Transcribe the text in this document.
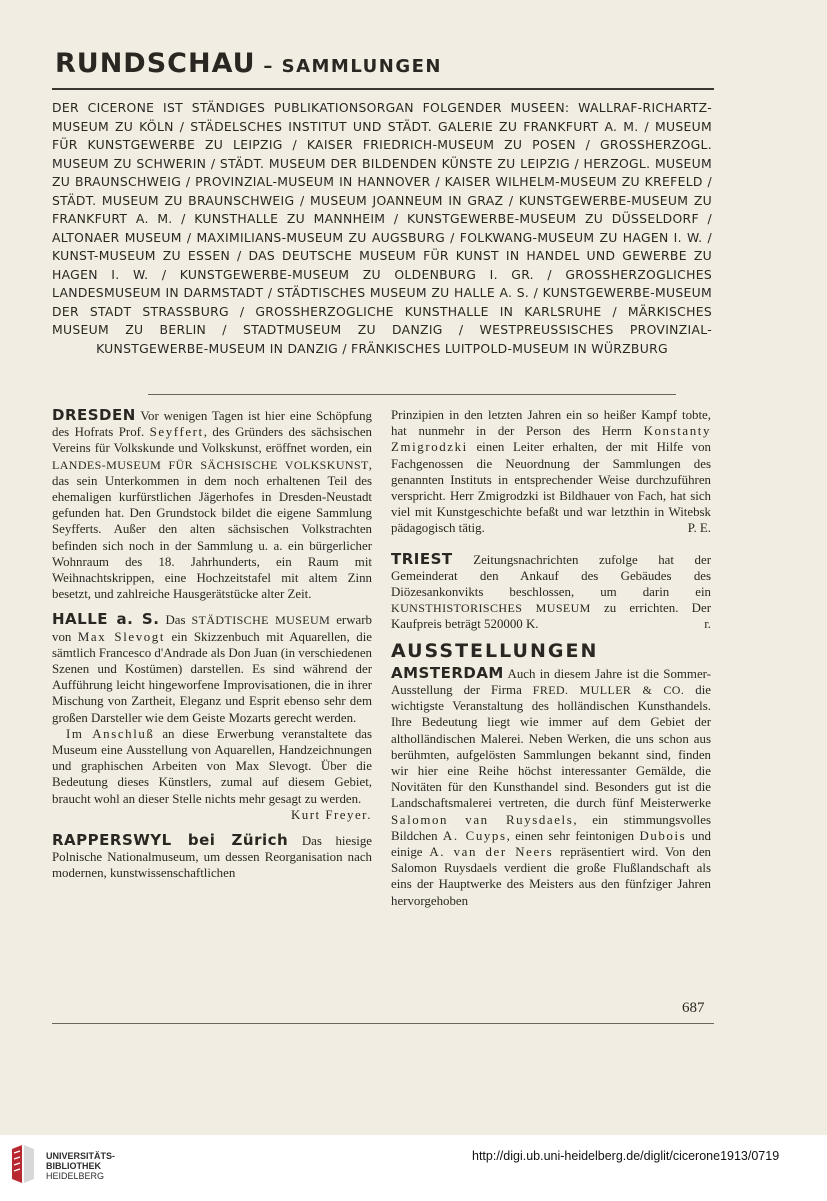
RUNDSCHAU – SAMMLUNGEN
DER CICERONE IST STÄNDIGES PUBLIKATIONSORGAN FOLGENDER MUSEEN: WALLRAF-RICHARTZ-MUSEUM ZU KÖLN / STÄDELSCHES INSTITUT UND STÄDT. GALERIE ZU FRANKFURT A. M. / MUSEUM FÜR KUNSTGEWERBE ZU LEIPZIG / KAISER FRIEDRICH-MUSEUM ZU POSEN / GROSSHERZOGL. MUSEUM ZU SCHWERIN / STÄDT. MUSEUM DER BILDENDEN KÜNSTE ZU LEIPZIG / HERZOGL. MUSEUM ZU BRAUNSCHWEIG / PROVINZIAL-MUSEUM IN HANNOVER / KAISER WILHELM-MUSEUM ZU KREFELD / STÄDT. MUSEUM ZU BRAUNSCHWEIG / MUSEUM JOANNEUM IN GRAZ / KUNSTGEWERBE-MUSEUM ZU FRANKFURT A. M. / KUNSTHALLE ZU MANNHEIM / KUNSTGEWERBE-MUSEUM ZU DÜSSELDORF / ALTONAER MUSEUM / MAXIMILIANS-MUSEUM ZU AUGSBURG / FOLKWANG-MUSEUM ZU HAGEN I. W. / KUNST-MUSEUM ZU ESSEN / DAS DEUTSCHE MUSEUM FÜR KUNST IN HANDEL UND GEWERBE ZU HAGEN I. W. / KUNSTGEWERBE-MUSEUM ZU OLDENBURG I. GR. / GROSSHERZOGLICHES LANDESMUSEUM IN DARMSTADT / STÄDTISCHES MUSEUM ZU HALLE A. S. / KUNSTGEWERBE-MUSEUM DER STADT STRASSBURG / GROSSHERZOGLICHE KUNSTHALLE IN KARLSRUHE / MÄRKISCHES MUSEUM ZU BERLIN / STADTMUSEUM ZU DANZIG / WESTPREUSSISCHES PROVINZIAL-KUNSTGEWERBE-MUSEUM IN DANZIG / FRÄNKISCHES LUITPOLD-MUSEUM IN WÜRZBURG

DRESDEN Vor wenigen Tagen ist hier eine Schöpfung des Hofrats Prof. Seyffert, des Gründers des sächsischen Vereins für Volkskunde und Volkskunst, eröffnet worden, ein LANDES-MUSEUM FÜR SÄCHSISCHE VOLKSKUNST, das sein Unterkommen in dem noch erhaltenen Teil des ehemaligen kurfürstlichen Jägerhofes in Dresden-Neustadt gefunden hat. Den Grundstock bildet die eigene Sammlung Seyfferts. Außer den alten sächsischen Volkstrachten befinden sich noch in der Sammlung u. a. ein bürgerlicher Wohnraum des 18. Jahrhunderts, ein Raum mit Weihnachtskrippen, eine Hochzeitstafel mit altem Zinn besetzt, und zahlreiche Hausgerätstücke alter Zeit.

HALLE a. S. Das STÄDTISCHE MUSEUM erwarb von Max Slevogt ein Skizzenbuch mit Aquarellen, die sämtlich Francesco d'Andrade als Don Juan (in verschiedenen Szenen und Kostümen) darstellen. Es sind während der Aufführung leicht hingeworfene Improvisationen, die in ihrer Mischung von Zartheit, Eleganz und Esprit ebenso sehr dem großen Darsteller wie dem Geiste Mozarts gerecht werden.

Im Anschluß an diese Erwerbung veranstaltete das Museum eine Ausstellung von Aquarellen, Handzeichnungen und graphischen Arbeiten von Max Slevogt. Über die Bedeutung dieses Künstlers, zumal auf diesem Gebiet, braucht wohl an dieser Stelle nichts mehr gesagt zu werden.

Kurt Freyer.

RAPPERSWYL bei Zürich Das hiesige Polnische Nationalmuseum, um dessen Reorganisation nach modernen, kunstwissenschaftlichen

Prinzipien in den letzten Jahren ein so heißer Kampf tobte, hat nunmehr in der Person des Herrn Konstanty Zmigrodzki einen Leiter erhalten, der mit Hilfe von Fachgenossen die Neuordnung der Sammlungen des genannten Instituts in entsprechender Weise durchzuführen verspricht. Herr Zmigrodzki ist Bildhauer von Fach, hat sich viel mit Kunstgeschichte befaßt und war letzthin in Witebsk pädagogisch tätig.	P. E.

TRIEST Zeitungsnachrichten zufolge hat der Gemeinderat den Ankauf des Gebäudes des Diözesankonvikts beschlossen, um darin ein KUNSTHISTORISCHES MUSEUM zu errichten. Der Kaufpreis beträgt 520000 K.	r.

AUSSTELLUNGEN

AMSTERDAM Auch in diesem Jahre ist die Sommer-Ausstellung der Firma FRED. MULLER & CO. die wichtigste Veranstaltung des holländischen Kunsthandels. Ihre Bedeutung liegt wie immer auf dem Gebiet der altholländischen Malerei. Neben Werken, die uns schon aus berühmten, aufgelösten Sammlungen bekannt sind, finden wir hier eine Reihe höchst interessanter Gemälde, die Novitäten für den Kunsthandel sind. Besonders gut ist die Landschaftsmalerei vertreten, die durch fünf Meisterwerke Salomon van Ruysdaels, ein stimmungsvolles Bildchen A. Cuyps, einen sehr feintonigen Dubois und einige A. van der Neers repräsentiert wird. Von den Salomon Ruysdaels verdient die große Flußlandschaft als eins der Hauptwerke des Meisters aus den fünfziger Jahren hervorgehoben

687
UNIVERSITÄTS-
BIBLIOTHEK
HEIDELBERG
http://digi.ub.uni-heidelberg.de/diglit/cicerone1913/0719
